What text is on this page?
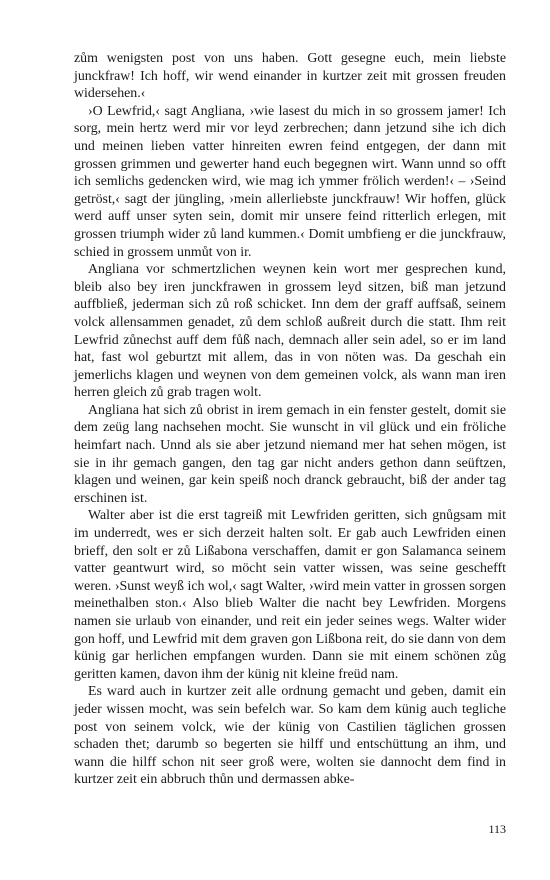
zům wenigsten post von uns haben. Gott gesegne euch, mein liebste junckfraw! Ich hoff, wir wend einander in kurtzer zeit mit grossen freuden widersehen.‹

›O Lewfrid,‹ sagt Angliana, ›wie lasest du mich in so grossem jamer! Ich sorg, mein hertz werd mir vor leyd zerbrechen; dann jetzund sihe ich dich und meinen lieben vatter hinreiten ewren feind entgegen, der dann mit grossen grimmen und gewerter hand euch begegnen wirt. Wann unnd so offt ich semlichs gedencken wird, wie mag ich ymmer frölich werden!‹ – ›Seind getröst,‹ sagt der jüngling, ›mein allerliebste junckfrauw! Wir hoffen, glück werd auff unser syten sein, domit mir unsere feind ritterlich erlegen, mit grossen triumph wider zů land kummen.‹ Domit umbfieng er die junckfrauw, schied in grossem unmůt von ir.

Angliana vor schmertzlichen weynen kein wort mer gesprechen kund, bleib also bey iren junckfrawen in grossem leyd sitzen, biß man jetzund auffbließ, jederman sich zů roß schicket. Inn dem der graff auffsaß, seinem volck allensammen genadet, zů dem schloß außreit durch die statt. Ihm reit Lewfrid zůnechst auff dem fůß nach, demnach aller sein adel, so er im land hat, fast wol geburtzt mit allem, das in von nöten was. Da geschah ein jemerlichs klagen und weynen von dem gemeinen volck, als wann man iren herren gleich zů grab tragen wolt.

Angliana hat sich zů obrist in irem gemach in ein fenster gestelt, domit sie dem zeüg lang nachsehen mocht. Sie wunscht in vil glück und ein fröliche heimfart nach. Unnd als sie aber jetzund niemand mer hat sehen mögen, ist sie in ihr gemach gangen, den tag gar nicht anders gethon dann seüftzen, klagen und weinen, gar kein speiß noch dranck gebraucht, biß der ander tag erschinen ist.

Walter aber ist die erst tagreiß mit Lewfriden geritten, sich gnůgsam mit im underredt, wes er sich derzeit halten solt. Er gab auch Lewfriden einen brieff, den solt er zů Lißabona verschaffen, damit er gon Salamanca seinem vatter geantwurt wird, so möcht sein vatter wissen, was seine geschefft weren. ›Sunst weyß ich wol,‹ sagt Walter, ›wird mein vatter in grossen sorgen meinethalben ston.‹ Also blieb Walter die nacht bey Lewfriden. Morgens namen sie urlaub von einander, und reit ein jeder seines wegs. Walter wider gon hoff, und Lewfrid mit dem graven gon Lißbona reit, do sie dann von dem künig gar herlichen empfangen wurden. Dann sie mit einem schönen zůg geritten kamen, davon ihm der künig nit kleine freüd nam.

Es ward auch in kurtzer zeit alle ordnung gemacht und geben, damit ein jeder wissen mocht, was sein befelch war. So kam dem künig auch tegliche post von seinem volck, wie der künig von Castilien täglichen grossen schaden thet; darumb so begerten sie hilff und entschüttung an ihm, und wann die hilff schon nit seer groß were, wolten sie dannocht dem find in kurtzer zeit ein abbruch thůn und dermassen abke-

113
